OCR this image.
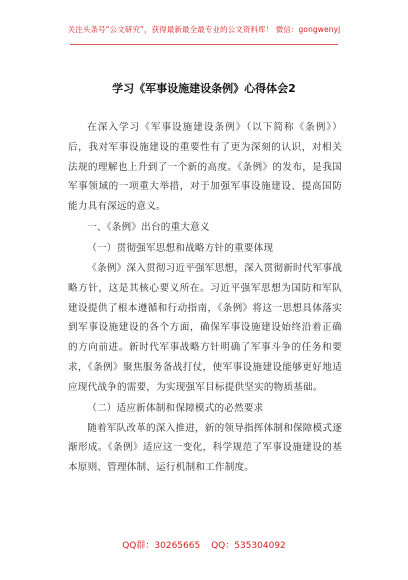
关注头条号“公文研究”，获得最新最全最专业的公文资料库！ 微信：gongwenyj
学习《军事设施建设条例》心得体会2

在深入学习《军事设施建设条例》（以下简称《条例》）后，我对军事设施建设的重要性有了更为深刻的认识，对相关法规的理解也上升到了一个新的高度。《条例》的发布，是我国军事领域的一项重大举措，对于加强军事设施建设、提高国防能力具有深远的意义。

一、《条例》出台的重大意义

（一）贯彻强军思想和战略方针的重要体现

《条例》深入贯彻习近平强军思想，深入贯彻新时代军事战略方针，这是其核心要义所在。习近平强军思想为国防和军队建设提供了根本遵循和行动指南，《条例》将这一思想具体落实到军事设施建设的各个方面，确保军事设施建设始终沿着正确的方向前进。新时代军事战略方针明确了军事斗争的任务和要求，《条例》聚焦服务备战打仗，使军事设施建设能够更好地适应现代战争的需要，为实现强军目标提供坚实的物质基础。

（二）适应新体制和保障模式的必然要求

随着军队改革的深入推进，新的领导指挥体制和保障模式逐渐形成。《条例》适应这一变化，科学规范了军事设施建设的基本原则、管理体制、运行机制和工作制度。

QQ群：30265665 QQ：535304092
